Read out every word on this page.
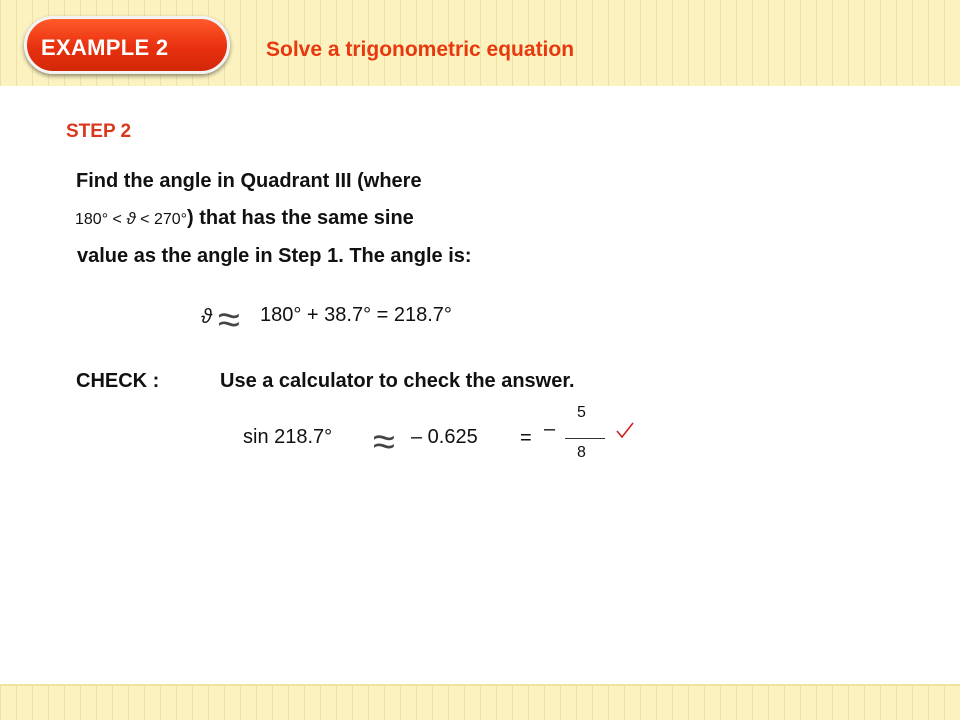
EXAMPLE 2	Solve a trigonometric equation
STEP 2
Find the angle in Quadrant III (where
180° < ϑ < 270°) that has the same sine
value as the angle in Step 1. The angle is:
ϑ ≈ 180° + 38.7° = 218.7°
CHECK :	Use a calculator to check the answer.
sin 218.7° ≈ – 0.625 = –
5
8
